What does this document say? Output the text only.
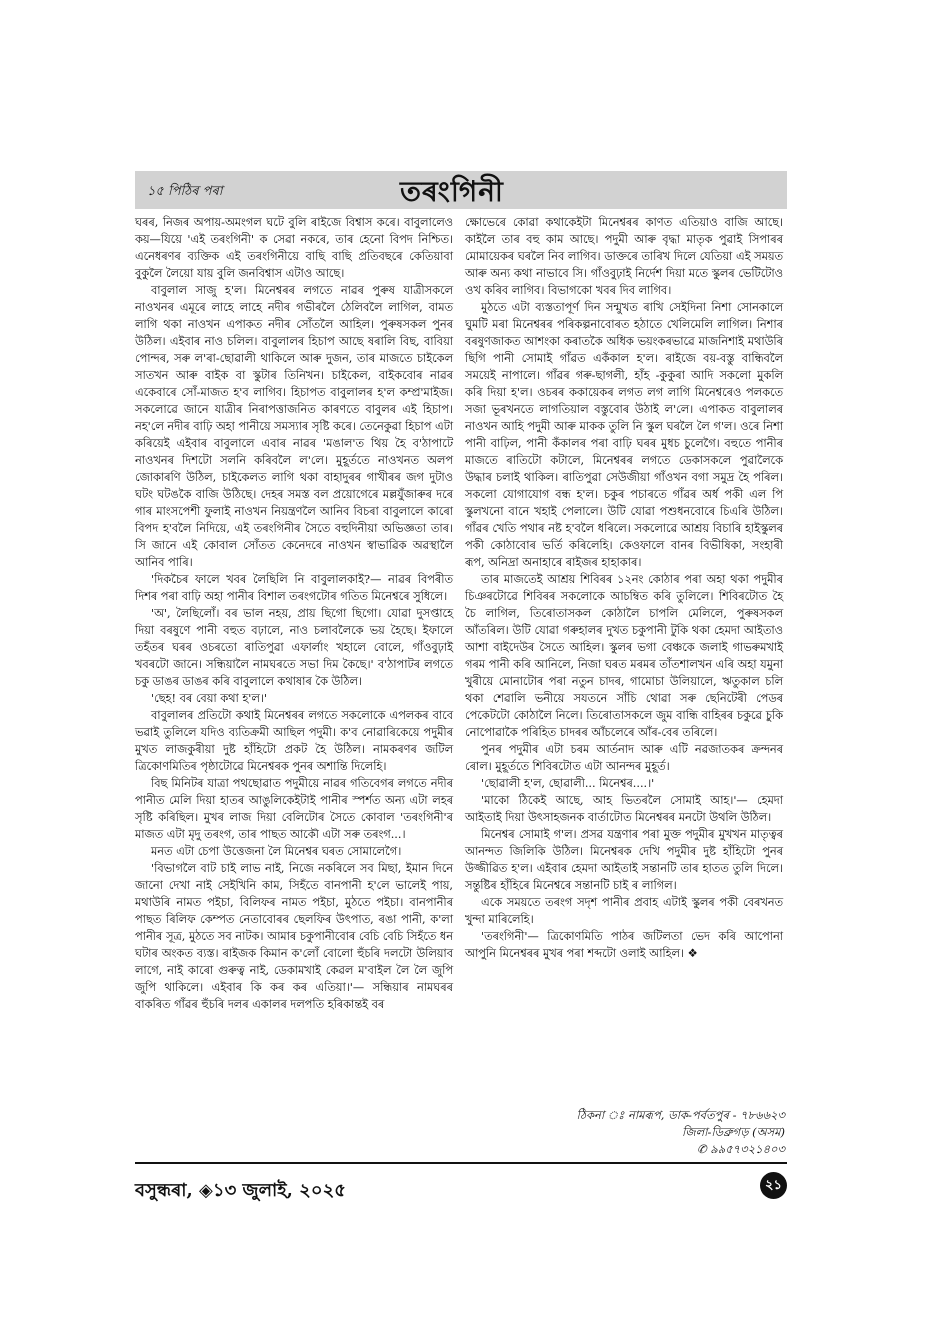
১৫ পিঠিৰ পৰা	তৰংগিনী

ঘৰৰ, নিজৰ অপায়-অমংগল ঘটে বুলি ৰাইজে বিশ্বাস কৰে। বাবুলালেও কয়—যিয়ে 'এই তৰংগিনী' ক সেৱা নকৰে, তাৰ হেনো বিপদ নিশ্চিত। এনেধৰণৰ ব্যক্তিক এই তৰংগিনীয়ে বাছি বাছি প্ৰতিবছৰে কেতিয়াবা বুকুলৈ লৈয়ো যায় বুলি জনবিশ্বাস এটাও আছে।

বাবুলাল সাজু হ'ল। মিনেশ্বৰৰ লগতে নাৱৰ পুৰুষ যাত্ৰীসকলে নাওখনৰ এমূৰে লাহে লাহে নদীৰ গভীৰলৈ ঠেলিবলৈ লাগিল, বামত লাগি থকা নাওখন এপাকত নদীৰ সোঁতলৈ আহিল। পুৰুষসকল পুনৰ উঠিল। এইবাৰ নাও চলিল। বাবুলালৰ হিচাপ আছে ষৰালি বিছ, বাবিয়া পোন্দৰ, সৰু ল'ৰা-ছোৱালী থাকিলে আৰু দুজন, তাৰ মাজতে চাইকেল সাতখন আৰু বাইক বা স্কুটাৰ তিনিখন। চাইকেল, বাইকবোৰ নাৱৰ একেবাৰে সোঁ-মাজত হ'ব লাগিব। হিচাপত বাবুলালৰ হ'ল কম্প্ৰ'মাইজ। সকলোৱে জানে যাত্ৰীৰ নিৰাপত্তাজনিত কাৰণতে বাবুলৰ এই হিচাপ। নহ'লে নদীৰ বাঢ়ি অহা পানীয়ে সমস্যাৰ সৃষ্টি কৰে। তেনেকুৱা হিচাপ এটা কৰিয়েই এইবাৰ বাবুলালে এবাৰ নাৱৰ 'মঙাল'ত থিয় হৈ ব'ঠাপাটে নাওখনৰ দিশটো সলনি কৰিবলৈ ল'লে। মুহূৰ্ততে নাওখনত অলপ জোকাৰণি উঠিল, চাইকেলত লাগি থকা বাহাদুৰৰ গাখীৰৰ জগ দুটাও ঘটং ঘটঙকৈ বাজি উঠিছে। দেহৰ সমস্ত বল প্ৰয়োগেৰে মল্লযুঁজাৰুৰ দৰে গাৰ মাংসপেশী ফুলাই নাওখন নিয়ন্ত্ৰণলৈ আনিব বিচৰা বাবুলালে কাৰো বিপদ হ'বলৈ নিদিয়ে, এই তৰংগিনীৰ সৈতে বহুদিনীয়া অভিজ্ঞতা তাৰ। সি জানে এই কোবাল সোঁতত কেনেদৰে নাওখন স্বাভাৱিক অৱস্থালৈ আনিব পাৰি।

'দিকচৈৰ ফালে খবৰ লৈছিলি নি বাবুলালকাই?— নাৱৰ বিপৰীত দিশৰ পৰা বাঢ়ি অহা পানীৰ বিশাল তৰংগটোৰ গতিত মিনেশ্বৰে সুধিলে।

'অ', লৈছিলোঁ। বৰ ভাল নহয়, প্ৰায় ছিগো ছিগো। যোৱা দুসপ্তাহে দিয়া বৰষুণে পানী বহুত বঢ়ালে, নাও চলাবলৈকে ভয় হৈছে। ইফালে তহঁতৰ ঘৰৰ ওচৰতো ৰাতিপুৱা এফাৰ্লাং খহালে বোলে, গাঁওবুঢ়াই খবৰটো জানে। সন্ধিয়ালৈ নামঘৰতে সভা দিম কৈছে।' ব'ঠাপাটৰ লগতে চকু ডাঙৰ ডাঙৰ কৰি বাবুলালে কথাষাৰ কৈ উঠিল।

'ছেহ! বৰ বেয়া কথা হ'ল।'

বাবুলালৰ প্ৰতিটো কথাই মিনেশ্বৰৰ লগতে সকলোকে এপলকৰ বাবে ভৱাই তুলিলে যদিও ব্যতিক্ৰমী আছিল পদুমী। ক'ব নোৱাৰিকেয়ে পদুমীৰ মুখত লাজকুৰীয়া দুষ্ট হাঁহিটো প্ৰকট হৈ উঠিল। নামকৰণৰ জটিল ত্ৰিকোণমিতিৰ পৃষ্ঠাটোৱে মিনেশ্বৰক পুনৰ অশান্তি দিলেহি।

বিছ মিনিটৰ যাত্ৰা পথছোৱাত পদুমীয়ে নাৱৰ গতিবেগৰ লগতে নদীৰ পানীত মেলি দিয়া হাতৰ আঙুলিকেইটাই পানীৰ স্পৰ্শত অন্য এটা লহৰ সৃষ্টি কৰিছিল। মুখৰ লাজ দিয়া বেলিটোৰ সৈতে কোবাল 'তৰংগিনী'ৰ মাজত এটা মৃদু তৰংগ, তাৰ পাছত আকৌ এটা সৰু তৰংগ...।

মনত এটা চেপা উত্তেজনা লৈ মিনেশ্বৰ ঘৰত সোমালেগৈ।

'বিভাগলৈ বাট চাই লাভ নাই, নিজে নকৰিলে সব মিছা, ইমান দিনে জানো দেখা নাই সেইখিনি কাম, সিহঁতে বানপানী হ'লে ভালেই পায়, মথাউৰি নামত পইচা, বিলিফৰ নামত পইচা, মুঠতে পইচা। বানপানীৰ পাছত ৰিলিফ কেম্পত নেতাবোৰৰ ছেলফিৰ উৎপাত, ৰঙা পানী, ক'লা পানীৰ সূত্ৰ, মুঠতে সব নাটক। আমাৰ চকুপানীবোৰ বেচি বেচি সিহঁতে ধন ঘটাৰ অংকত ব্যস্ত। ৰাইজক কিমান ক'লোঁ বোলো হুঁচৰি দলটো উলিয়াব লাগে, নাই কাৰো গুৰুত্ব নাই, ডেকামখাই কেৱল ম'বাইল লৈ লৈ জুপি জুপি থাকিলে। এইবাৰ কি কৰ কৰ এতিয়া।'— সন্ধিয়াৰ নামঘৰৰ বাকৰিত গাঁৱৰ হুঁচৰি দলৰ একালৰ দলপতি হৰিকান্তই বৰ

ক্ষোভেৰে কোৱা কথাকেইটা মিনেশ্বৰৰ কাণত এতিয়াও বাজি আছে। কাইলৈ তাৰ বহু কাম আছে। পদুমী আৰু বৃদ্ধা মাতৃক পুৱাই সিপাৰৰ মোমায়েকৰ ঘৰলৈ নিব লাগিব। ডাক্তৰে তাৰিখ দিলে যেতিয়া এই সময়ত আৰু অন্য কথা নাভাবে সি। গাঁওবুঢ়াই নিৰ্দেশ দিয়া মতে স্কুলৰ ভেটিটোও ওখ কৰিব লাগিব। বিভাগকো খবৰ দিব লাগিব।

মুঠতে এটা ব্যস্ততাপূৰ্ণ দিন সন্মুখত ৰাখি সেইদিনা নিশা সোনকালে ঘুমটি মৰা মিনেশ্বৰৰ পৰিকল্পনাবোৰত হঠাতে খেলিমেলি লাগিল। নিশাৰ বৰষুণজাকত আশংকা কৰাতকৈ অধিক ভয়ংকৰভাৱে মাজনিশাই মথাউৰি ছিগি পানী সোমাই গাঁৱত একঁকাল হ'ল। ৰাইজে বয়-বস্তু বান্ধিবলৈ সময়েই নাপালে। গাঁৱৰ গৰু-ছাগলী, হাঁহ -কুকুৰা আদি সকলো মুকলি কৰি দিয়া হ'ল। ওচৰৰ ককায়েকৰ লগত লগ লাগি মিনেশ্বৰেও পলকতে সজা ভূৰখনতে লাগতিয়াল বস্তুবোৰ উঠাই ল'লে। এপাকত বাবুলালৰ নাওখন আহি পদুমী আৰু মাকক তুলি নি স্কুল ঘৰলৈ লৈ গ'ল। ওৰে নিশা পানী বাঢ়িল, পানী কঁকালৰ পৰা বাঢ়ি ঘৰৰ মুধচ চুলেগৈ। বহুতে পানীৰ মাজতে ৰাতিটো কটালে, মিনেশ্বৰৰ লগতে ডেকাসকলে পুৱালৈকে উদ্ধাৰ চলাই থাকিল। ৰাতিপুৱা সেউজীয়া গাঁওখন বগা সমুদ্ৰ হৈ পৰিল। সকলো যোগাযোগ বন্ধ হ'ল। চকুৰ পচাৰতে গাঁৱৰ অৰ্ধ পকী এল পি স্কুলখনো বানে খহাই পেলালে। উটি যোৱা পশুধনবোৰে চিএৰি উঠিল। গাঁৱৰ খেতি পথাৰ নষ্ট হ'বলৈ ধৰিলে। সকলোৱে আশ্ৰয় বিচাৰি হাইস্কুলৰ পকী কোঠাবোৰ ভৰ্তি কৰিলেহি। কেওফালে বানৰ বিভীষিকা, সংহাৰী ৰূপ, অনিদ্ৰা অনাহাৰে ৰাইজৰ হাহাকাৰ।

তাৰ মাজতেই আশ্ৰয় শিবিৰৰ ১২নং কোঠাৰ পৰা অহা থকা পদুমীৰ চিঞৰটোৱে শিবিৰৰ সকলোকে আচম্বিত কৰি তুলিলে। শিবিৰটোত হৈ চৈ লাগিল, তিৰোতাসকল কোঠালৈ চাপলি মেলিলে, পুৰুষসকল আঁতৰিল। উটি যোৱা গৰুহালৰ দুখত চকুপানী টুকি থকা হেমদা আইতাও আশা বাইদেউৰ সৈতে আহিল। স্কুলৰ ভগা বেঞ্চকে জলাই গাভৰুমখাই গৰম পানী কৰি আনিলে, নিজা ঘৰত মৰমৰ তাঁতশালখন এৰি অহা যমুনা খুৰীয়ে মোনাটোৰ পৰা নতুন চাদৰ, গামোচা উলিয়ালে, ঋতুকাল চলি থকা শেৱালি ভনীয়ে সযতনে সাঁচি থোৱা সৰু ছেনিটেৰী পেডৰ পেকেটটো কোঠালৈ নিলে। তিৰোতাসকলে জুম বান্ধি বাহিৰৰ চকুৱে চুকি নোপোৱাকৈ পৰিহিত চাদৰৰ আঁচলেৰে আঁৰ-বেৰ তৰিলে।

পুনৰ পদুমীৰ এটা চৰম আৰ্তনাদ আৰু এটি নৱজাতকৰ ক্ৰন্দনৰ ৰোল। মুহূৰ্ততে শিবিৰটোত এটা আনন্দৰ মুহূৰ্ত।

'ছোৱালী হ'ল, ছোৱালী... মিনেশ্বৰ....।'

'মাকো ঠিকেই আছে, আহ ভিতৰলৈ সোমাই আহ।'— হেমদা আইতাই দিয়া উৎসাহজনক বাৰ্তাটোত মিনেশ্বৰৰ মনটো উথলি উঠিল।

মিনেশ্বৰ সোমাই গ'ল। প্ৰসৱ যন্ত্ৰণাৰ পৰা মুক্ত পদুমীৰ মুখখন মাতৃত্বৰ আনন্দত জিলিকি উঠিল। মিনেশ্বৰক দেখি পদুমীৰ দুষ্ট হাঁহিটো পুনৰ উজ্জীৱিত হ'ল। এইবাৰ হেমদা আইতাই সন্তানটি তাৰ হাতত তুলি দিলে। সন্তুষ্টিৰ হাঁহিৰে মিনেশ্বৰে সন্তানটি চাই ৰ লাগিল।

একে সময়তে তৰংগ সদৃশ পানীৰ প্ৰবাহ এটাই স্কুলৰ পকী বেৰখনত খুন্দা মাৰিলেহি।

'তৰংগিনী'— ত্ৰিকোণমিতি পাঠৰ জটিলতা ভেদ কৰি আপোনা আপুনি মিনেশ্বৰৰ মুখৰ পৰা শব্দটো ওলাই আহিল। ❖

ঠিকনা ঃ নামৰূপ, ডাক-পৰ্বতপুৰ - ৭৮৬৬২৩
জিলা-ডিব্ৰুগড় (অসম)
✆ ৯৯৫৭৩২১৪০৩
বসুন্ধৰা, ◈১৩ জুলাই, ২০২৫	২১
